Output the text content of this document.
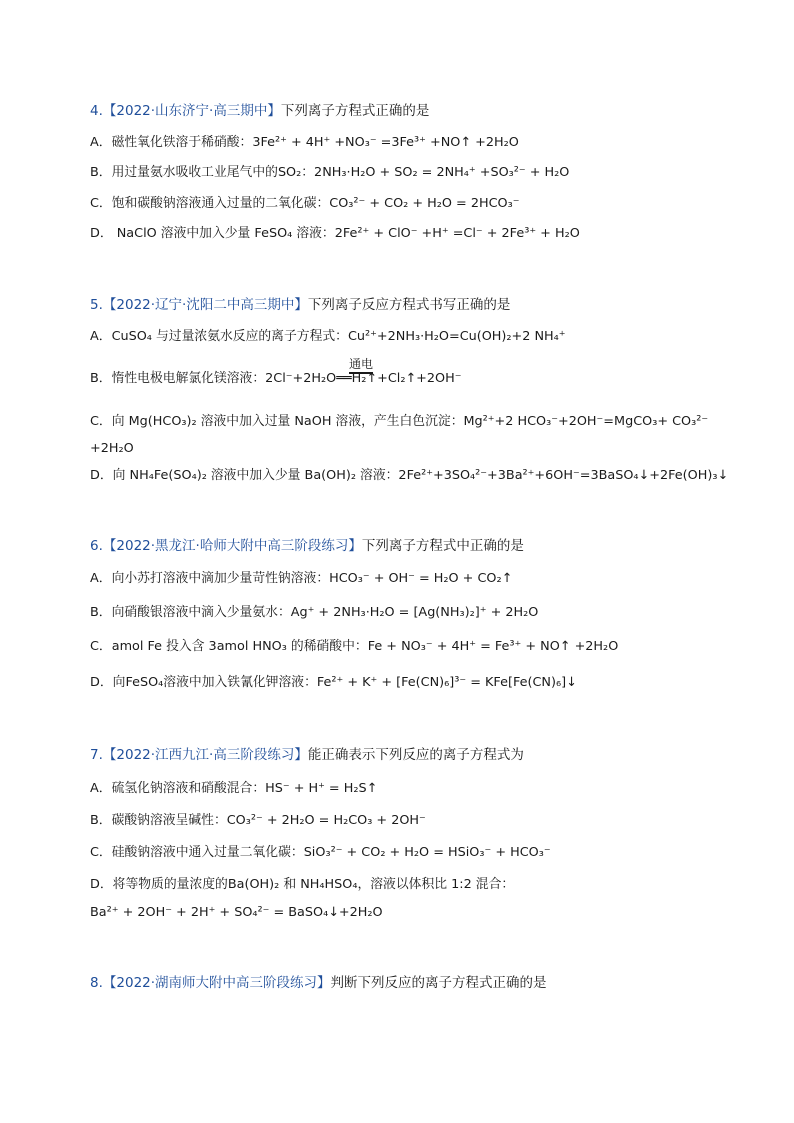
4.【2022·山东济宁·高三期中】下列离子方程式正确的是
A．磁性氧化铁溶于稀硝酸：3Fe²⁺ + 4H⁺ +NO₃⁻ =3Fe³⁺ +NO↑ +2H₂O
B．用过量氨水吸收工业尾气中的SO₂：2NH₃·H₂O + SO₂ = 2NH₄⁺ +SO₃²⁻ + H₂O
C．饱和碳酸钠溶液通入过量的二氧化碳：CO₃²⁻ + CO₂ + H₂O = 2HCO₃⁻
D． NaClO 溶液中加入少量 FeSO₄ 溶液：2Fe²⁺ + ClO⁻ +H⁺ =Cl⁻ + 2Fe³⁺ + H₂O
5.【2022·辽宁·沈阳二中高三期中】下列离子反应方程式书写正确的是
A．CuSO₄ 与过量浓氨水反应的离子方程式：Cu²⁺+2NH₃·H₂O=Cu(OH)₂+2 NH₄⁺
通电
B．惰性电极电解氯化镁溶液：2Cl⁻+2H₂O══H₂↑+Cl₂↑+2OH⁻
C．向 Mg(HCO₃)₂ 溶液中加入过量 NaOH 溶液，产生白色沉淀：Mg²⁺+2 HCO₃⁻+2OH⁻=MgCO₃+ CO₃²⁻
+2H₂O
D．向 NH₄Fe(SO₄)₂ 溶液中加入少量 Ba(OH)₂ 溶液：2Fe²⁺+3SO₄²⁻+3Ba²⁺+6OH⁻=3BaSO₄↓+2Fe(OH)₃↓
6.【2022·黑龙江·哈师大附中高三阶段练习】下列离子方程式中正确的是
A．向小苏打溶液中滴加少量苛性钠溶液：HCO₃⁻ + OH⁻ = H₂O + CO₂↑
B．向硝酸银溶液中滴入少量氨水：Ag⁺ + 2NH₃·H₂O = [Ag(NH₃)₂]⁺ + 2H₂O
C．amol Fe 投入含 3amol HNO₃ 的稀硝酸中：Fe + NO₃⁻ + 4H⁺ = Fe³⁺ + NO↑ +2H₂O
D．向FeSO₄溶液中加入铁氰化钾溶液：Fe²⁺ + K⁺ + [Fe(CN)₆]³⁻ = KFe[Fe(CN)₆]↓
7.【2022·江西九江·高三阶段练习】能正确表示下列反应的离子方程式为
A．硫氢化钠溶液和硝酸混合：HS⁻ + H⁺ = H₂S↑
B．碳酸钠溶液呈碱性：CO₃²⁻ + 2H₂O = H₂CO₃ + 2OH⁻
C．硅酸钠溶液中通入过量二氧化碳：SiO₃²⁻ + CO₂ + H₂O = HSiO₃⁻ + HCO₃⁻
D．将等物质的量浓度的Ba(OH)₂ 和 NH₄HSO₄，溶液以体积比 1:2 混合：
Ba²⁺ + 2OH⁻ + 2H⁺ + SO₄²⁻ = BaSO₄↓+2H₂O
8.【2022·湖南师大附中高三阶段练习】判断下列反应的离子方程式正确的是
